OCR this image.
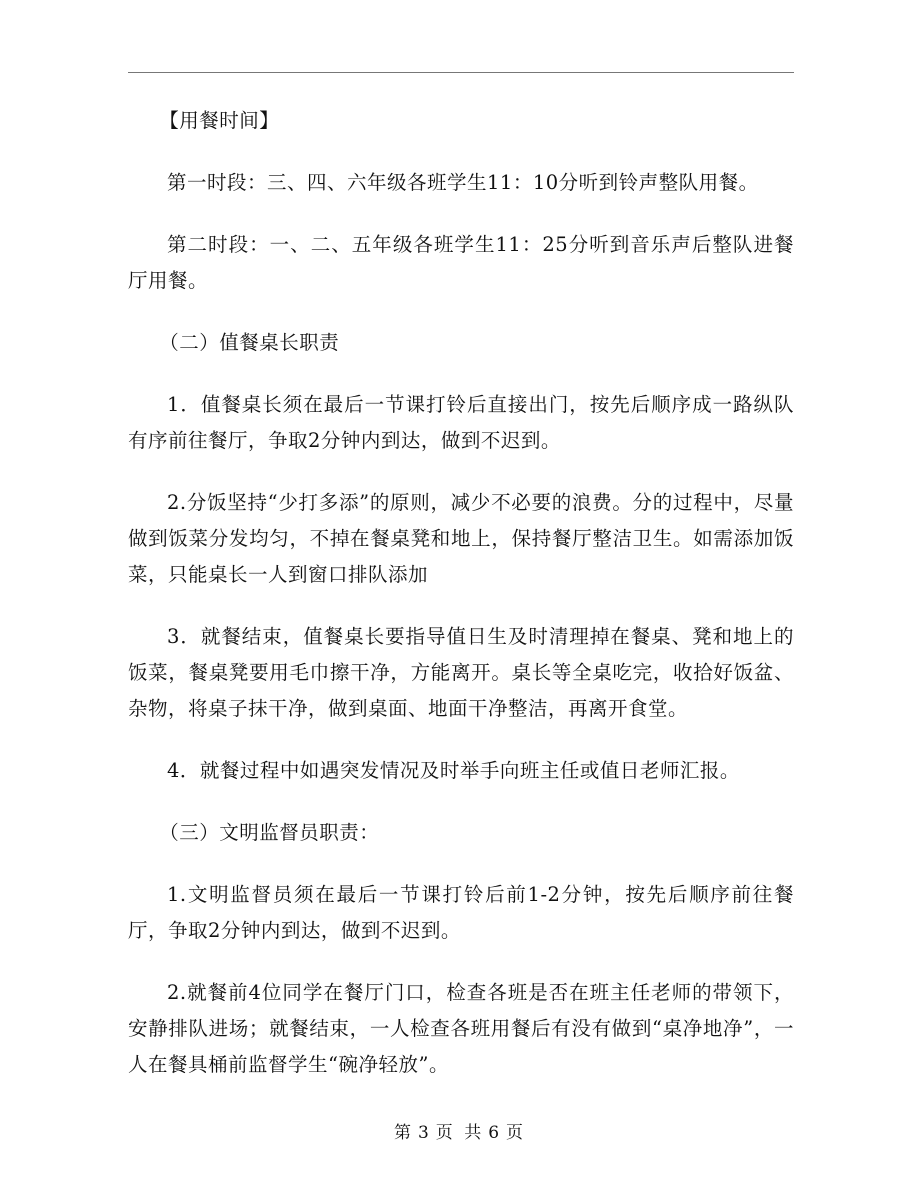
【用餐时间】

第一时段：三、四、六年级各班学生11：10分听到铃声整队用餐。

第二时段：一、二、五年级各班学生11：25分听到音乐声后整队进餐厅用餐。

（二）值餐桌长职责

1．值餐桌长须在最后一节课打铃后直接出门，按先后顺序成一路纵队有序前往餐厅，争取2分钟内到达，做到不迟到。

2.分饭坚持“少打多添”的原则，减少不必要的浪费。分的过程中，尽量做到饭菜分发均匀，不掉在餐桌凳和地上，保持餐厅整洁卫生。如需添加饭菜，只能桌长一人到窗口排队添加

3．就餐结束，值餐桌长要指导值日生及时清理掉在餐桌、凳和地上的饭菜，餐桌凳要用毛巾擦干净，方能离开。桌长等全桌吃完，收拾好饭盆、杂物，将桌子抹干净，做到桌面、地面干净整洁，再离开食堂。

4．就餐过程中如遇突发情况及时举手向班主任或值日老师汇报。

（三）文明监督员职责：

1.文明监督员须在最后一节课打铃后前1-2分钟，按先后顺序前往餐厅，争取2分钟内到达，做到不迟到。

2.就餐前4位同学在餐厅门口，检查各班是否在班主任老师的带领下，安静排队进场；就餐结束，一人检查各班用餐后有没有做到“桌净地净”，一人在餐具桶前监督学生“碗净轻放”。

第 3 页 共 6 页
